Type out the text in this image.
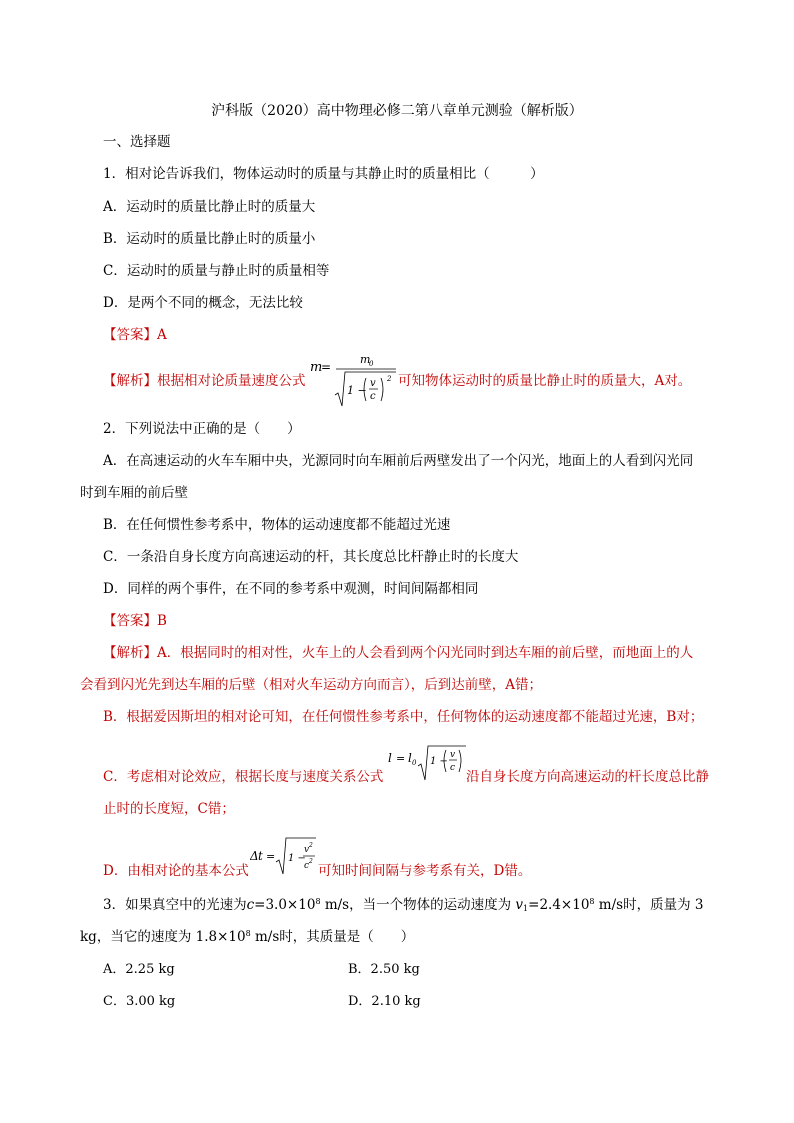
沪科版（2020）高中物理必修二第八章单元测验（解析版）
一、选择题
1．相对论告诉我们，物体运动时的质量与其静止时的质量相比（　　　）
A．运动时的质量比静止时的质量大
B．运动时的质量比静止时的质量小
C．运动时的质量与静止时的质量相等
D．是两个不同的概念，无法比较
【答案】A
【解析】根据相对论质量速度公式
m
=
m
0
1 −
v
c
2 可知物体运动时的质量比静止时的质量大，A对。
2．下列说法中正确的是（　　）
A．在高速运动的火车车厢中央，光源同时向车厢前后两壁发出了一个闪光，地面上的人看到闪光同
时到车厢的前后壁
B．在任何惯性参考系中，物体的运动速度都不能超过光速
C．一条沿自身长度方向高速运动的杆，其长度总比杆静止时的长度大
D．同样的两个事件，在不同的参考系中观测，时间间隔都相同
【答案】B
【解析】A．根据同时的相对性，火车上的人会看到两个闪光同时到达车厢的前后壁，而地面上的人
会看到闪光先到达车厢的后壁（相对火车运动方向而言），后到达前壁，A错；
B．根据爱因斯坦的相对论可知，在任何惯性参考系中，任何物体的运动速度都不能超过光速，B对；
C．考虑相对论效应，根据长度与速度关系公式
l = l 0 1 −
v
c
沿自身长度方向高速运动的杆长度总比静
止时的长度短，C错；
D．由相对论的基本公式
Δ t = 1 −
v 2
c 2
可知时间间隔与参考系有关，D错。
3．如果真空中的光速为$c=3.0\times 10^8$ m/s，当一个物体的运动速度为 $v_1=2.4\times 10^8$ m/s时，质量为 3
kg，当它的速度为 $1.8\times 10^8$ m/s时，其质量是（　　）
A．2.25 kg	B．2.50 kg
C．3.00 kg	D．2.10 kg
